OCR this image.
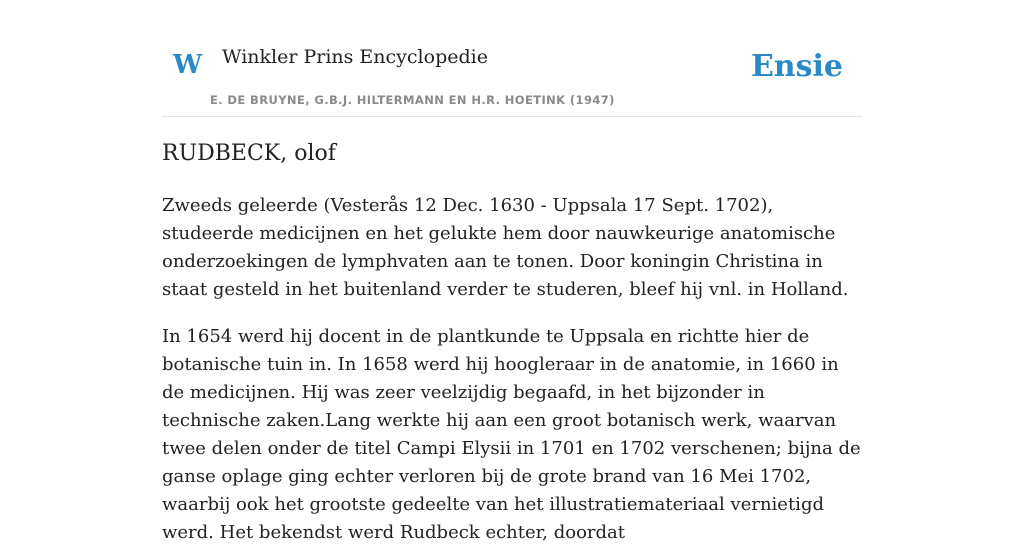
W Winkler Prins Encyclopedie
E. DE BRUYNE, G.B.J. HILTERMANN EN H.R. HOETINK (1947)
Ensie
RUDBECK, olof

Zweeds geleerde (Vesterås 12 Dec. 1630 - Uppsala 17 Sept. 1702), studeerde medicijnen en het gelukte hem door nauwkeurige anatomische onderzoekingen de lymphvaten aan te tonen. Door koningin Christina in staat gesteld in het buitenland verder te studeren, bleef hij vnl. in Holland.

In 1654 werd hij docent in de plantkunde te Uppsala en richtte hier de botanische tuin in. In 1658 werd hij hoogleraar in de anatomie, in 1660 in de medicijnen. Hij was zeer veelzijdig begaafd, in het bijzonder in technische zaken.Lang werkte hij aan een groot botanisch werk, waarvan twee delen onder de titel Campi Elysii in 1701 en 1702 verschenen; bijna de ganse oplage ging echter verloren bij de grote brand van 16 Mei 1702, waarbij ook het grootste gedeelte van het illustratiemateriaal vernietigd werd. Het bekendst werd Rudbeck echter, doordat
